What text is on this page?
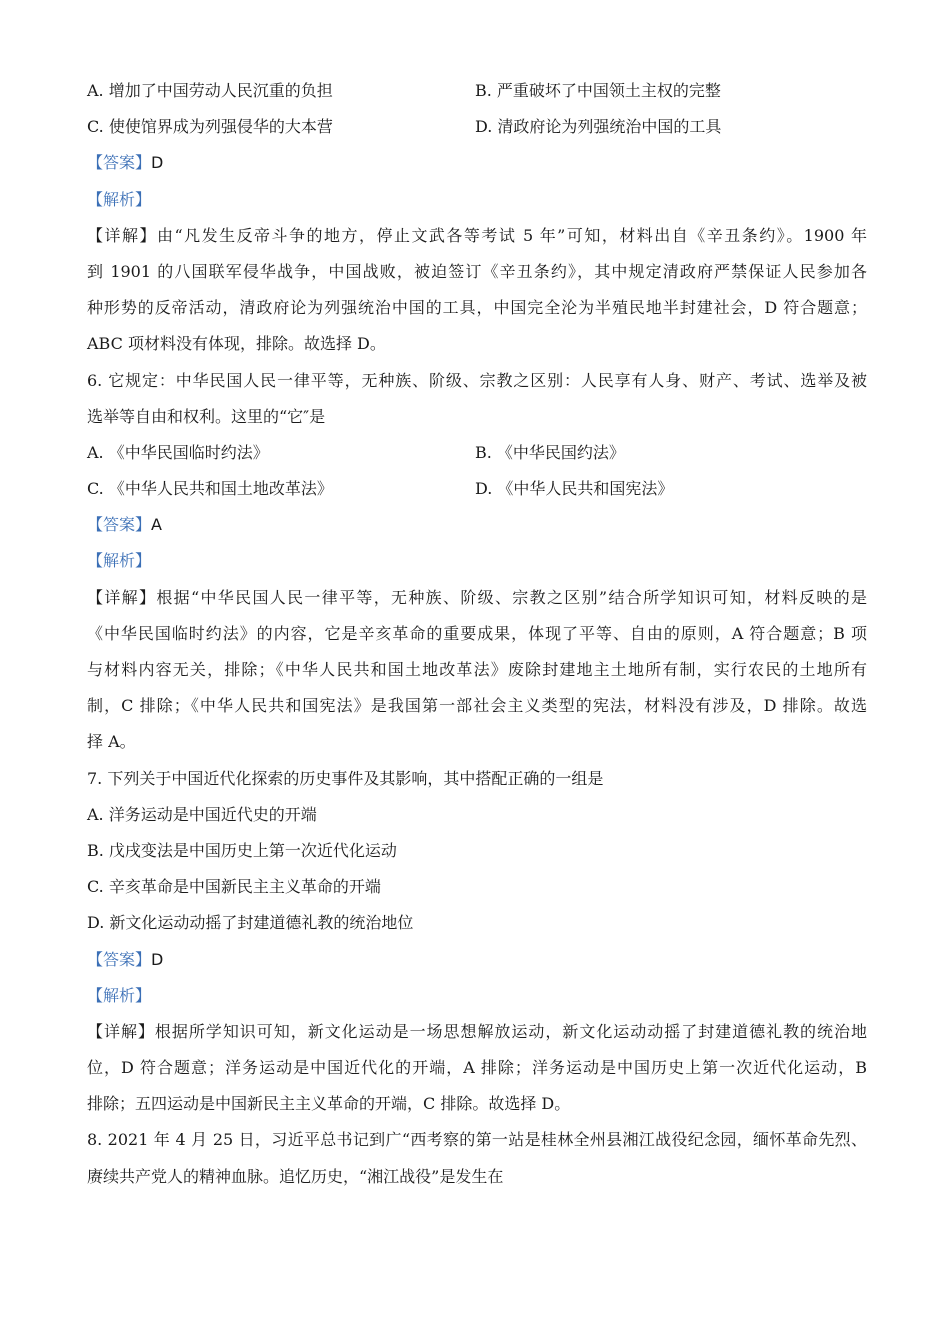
A. 增加了中国劳动人民沉重的负担	B. 严重破坏了中国领土主权的完整
C. 使使馆界成为列强侵华的大本营	D. 清政府论为列强统治中国的工具
【答案】D
【解析】
【详解】由“凡发生反帝斗争的地方，停止文武各等考试 5 年”可知，材料出自《辛丑条约》。1900 年
到 1901 的八国联军侵华战争，中国战败，被迫签订《辛丑条约》，其中规定清政府严禁保证人民参加各
种形势的反帝活动，清政府论为列强统治中国的工具，中国完全沦为半殖民地半封建社会，D 符合题意；
ABC 项材料没有体现，排除。故选择 D。
6. 它规定：中华民国人民一律平等，无种族、阶级、宗教之区别：人民享有人身、财产、考试、选举及被
选举等自由和权利。这里的“它″是
A. 《中华民国临时约法》	B. 《中华民国约法》
C. 《中华人民共和国土地改革法》	D. 《中华人民共和国宪法》
【答案】A
【解析】
【详解】根据“中华民国人民一律平等，无种族、阶级、宗教之区别”结合所学知识可知，材料反映的是
《中华民国临时约法》的内容，它是辛亥革命的重要成果，体现了平等、自由的原则，A 符合题意；B 项
与材料内容无关，排除；《中华人民共和国土地改革法》废除封建地主土地所有制，实行农民的土地所有
制，C 排除；《中华人民共和国宪法》是我国第一部社会主义类型的宪法，材料没有涉及，D 排除。故选
择 A。
7. 下列关于中国近代化探索的历史事件及其影响，其中搭配正确的一组是
A. 洋务运动是中国近代史的开端
B. 戊戌变法是中国历史上第一次近代化运动
C. 辛亥革命是中国新民主主义革命的开端
D. 新文化运动动摇了封建道德礼教的统治地位
【答案】D
【解析】
【详解】根据所学知识可知，新文化运动是一场思想解放运动，新文化运动动摇了封建道德礼教的统治地
位，D 符合题意；洋务运动是中国近代化的开端，A 排除；洋务运动是中国历史上第一次近代化运动，B
排除；五四运动是中国新民主主义革命的开端，C 排除。故选择 D。
8. 2021 年 4 月 25 日，习近平总书记到广“西考察的第一站是桂林全州县湘江战役纪念园，缅怀革命先烈、
赓续共产党人的精神血脉。追忆历史，“湘江战役”是发生在
